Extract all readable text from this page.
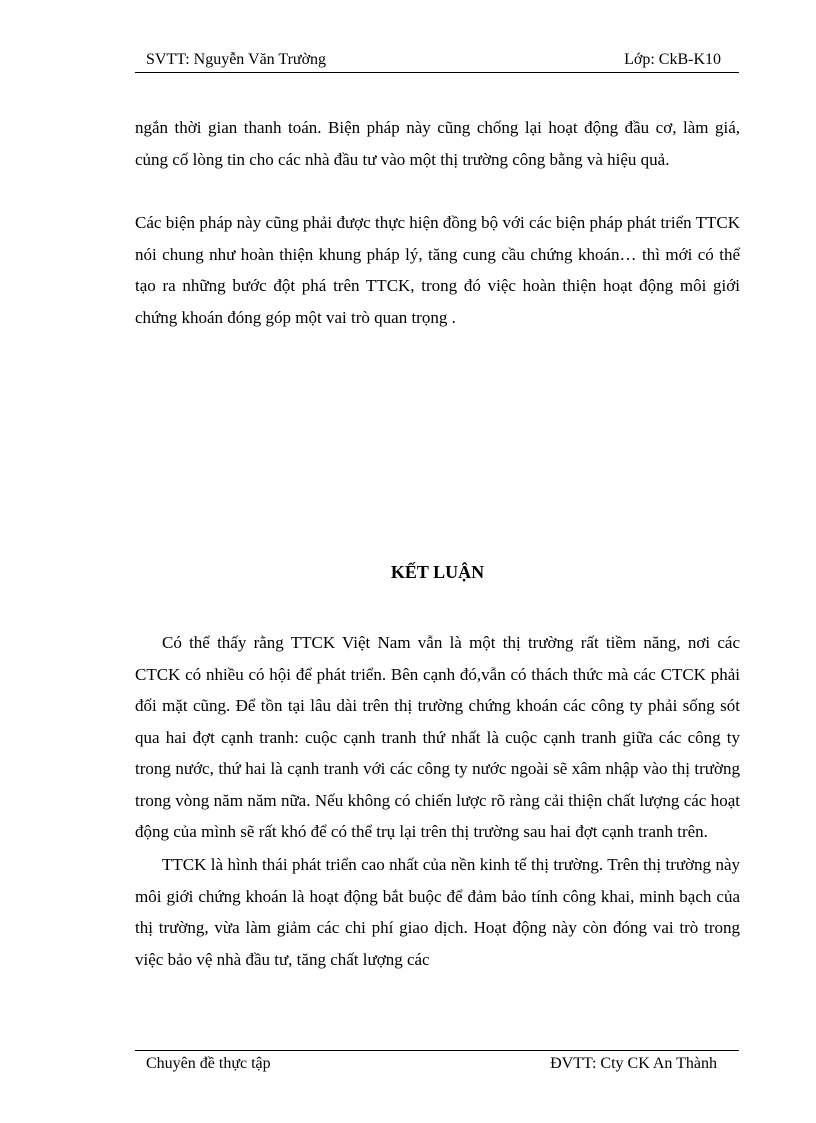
SVTT: Nguyễn Văn Trường	Lớp: CkB-K10

ngắn thời gian thanh toán. Biện pháp này cũng chống lại hoạt động đầu cơ, làm giá, củng cố lòng tin cho các nhà đầu tư vào một thị trường công bằng và hiệu quả.

Các biện pháp này cũng phải được thực hiện đồng bộ với các biện pháp phát triển TTCK nói chung như hoàn thiện khung pháp lý, tăng cung cầu chứng khoán… thì mới có thể tạo ra những bước đột phá trên TTCK, trong đó việc hoàn thiện hoạt động môi giới chứng khoán đóng góp một vai trò quan trọng .

KẾT LUẬN

Có thể thấy rằng TTCK Việt Nam vẫn là một thị trường rất tiềm năng, nơi các CTCK có nhiều có hội để phát triển. Bên cạnh đó,vẫn có thách thức mà các CTCK phải đối mặt cũng. Để tồn tại lâu dài trên thị trường chứng khoán các công ty phải sống sót qua hai đợt cạnh tranh: cuộc cạnh tranh thứ nhất là cuộc cạnh tranh giữa các công ty trong nước, thứ hai là cạnh tranh với các công ty nước ngoài sẽ xâm nhập vào thị trường trong vòng năm năm nữa. Nếu không có chiến lược rõ ràng cải thiện chất lượng các hoạt động của mình sẽ rất khó để có thể trụ lại trên thị trường sau hai đợt cạnh tranh trên.

TTCK là hình thái phát triển cao nhất của nền kinh tế thị trường. Trên thị trường này môi giới chứng khoán là hoạt động bắt buộc để đảm bảo tính công khai, minh bạch của thị trường, vừa làm giảm các chi phí giao dịch. Hoạt động này còn đóng vai trò trong việc bảo vệ nhà đầu tư, tăng chất lượng các

Chuyên đề thực tập	ĐVTT: Cty CK An Thành
